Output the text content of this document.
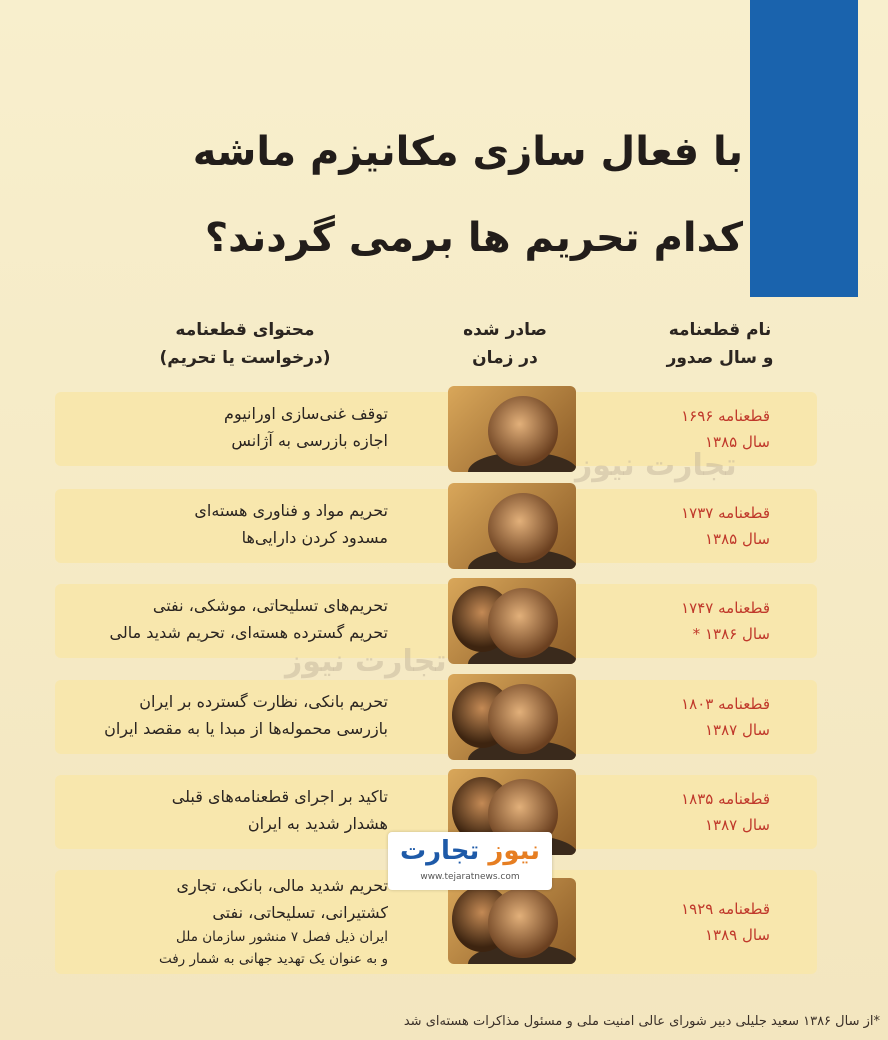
با فعال سازی مکانیزم ماشه
کدام تحریم ها برمی گردند؟
محتوای قطعنامه
(درخواست یا تحریم)
صادر شده
در زمان
نام قطعنامه
و سال صدور
توقف غنی‌سازی اورانیوم
اجازه بازرسی به آژانس
قطعنامه ۱۶۹۶
سال ۱۳۸۵
تحریم مواد و فناوری هسته‌ای
مسدود کردن دارایی‌ها
قطعنامه ۱۷۳۷
سال ۱۳۸۵
تحریم‌های تسلیحاتی، موشکی، نفتی
تحریم گسترده هسته‌ای، تحریم شدید مالی
قطعنامه ۱۷۴۷
سال ۱۳۸۶ *
تحریم بانکی، نظارت گسترده بر ایران
بازرسی محموله‌ها از مبدا یا به مقصد ایران
قطعنامه ۱۸۰۳
سال ۱۳۸۷
تاکید بر اجرای قطعنامه‌های قبلی
هشدار شدید به ایران
قطعنامه ۱۸۳۵
سال ۱۳۸۷
تحریم شدید مالی، بانکی، تجاری
کشتیرانی، تسلیحاتی، نفتی
ایران ذیل فصل ۷ منشور سازمان ملل
و به عنوان یک تهدید جهانی به شمار رفت
قطعنامه ۱۹۲۹
سال ۱۳۸۹
تجارت نیوز
تجارت نیوز
نیوز تجارت
www.tejaratnews.com
*از سال ۱۳۸۶ سعید جلیلی دبیر شورای عالی امنیت ملی و مسئول مذاکرات هسته‌ای شد
